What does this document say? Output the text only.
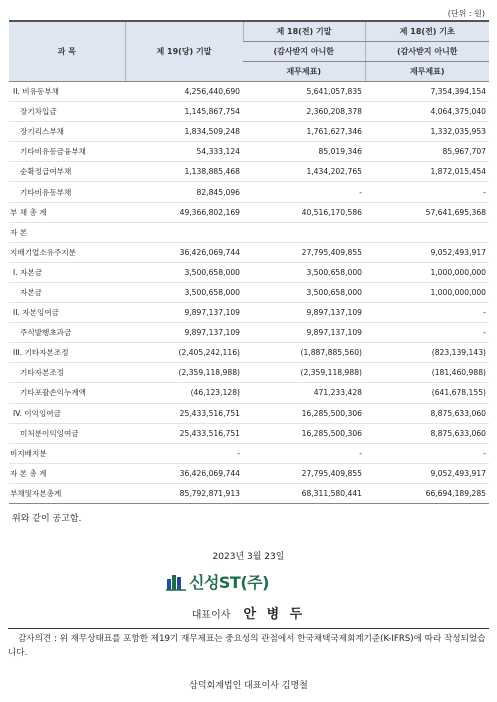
(단위 : 원)
과 목	제 19(당) 기말	제 18(전) 기말	제 18(전) 기초
		(감사받지 아니한	(감사받지 아니한
		재무제표)	재무제표)
II. 비유동부채	4,256,440,690	5,641,057,835	7,354,394,154
장기차입금	1,145,867,754	2,360,208,378	4,064,375,040
장기리스부채	1,834,509,248	1,761,627,346	1,332,035,953
기타비유동금융부채	54,333,124	85,019,346	85,967,707
순확정급여부채	1,138,885,468	1,434,202,765	1,872,015,454
기타비유동부채	82,845,096	-	-
부 채 총 계	49,366,802,169	40,516,170,586	57,641,695,368
자 본			
지배기업소유주지분	36,426,069,744	27,795,409,855	9,052,493,917
I. 자본금	3,500,658,000	3,500,658,000	1,000,000,000
자본금	3,500,658,000	3,500,658,000	1,000,000,000
II. 자본잉여금	9,897,137,109	9,897,137,109	-
주식발행초과금	9,897,137,109	9,897,137,109	-
III. 기타자본조정	(2,405,242,116)	(1,887,885,560)	(823,139,143)
기타자본조정	(2,359,118,988)	(2,359,118,988)	(181,460,988)
기타포괄손익누계액	(46,123,128)	471,233,428	(641,678,155)
IV. 이익잉여금	25,433,516,751	16,285,500,306	8,875,633,060
미처분이익잉여금	25,433,516,751	16,285,500,306	8,875,633,060
비지배지분	-	-	-
자 본 총 계	36,426,069,744	27,795,409,855	9,052,493,917
부채및자본총계	85,792,871,913	68,311,580,441	66,694,189,285
위와 같이 공고함.
2023년 3월 23일
신성ST(주)
대표이사 안 병 두
감사의견 : 위 재무상태표를 포함한 제19기 재무제표는 중요성의 관점에서 한국채택국제회계기준(K-IFRS)에 따라 작성되었습니다.
삼덕회계법인 대표이사 김명철
